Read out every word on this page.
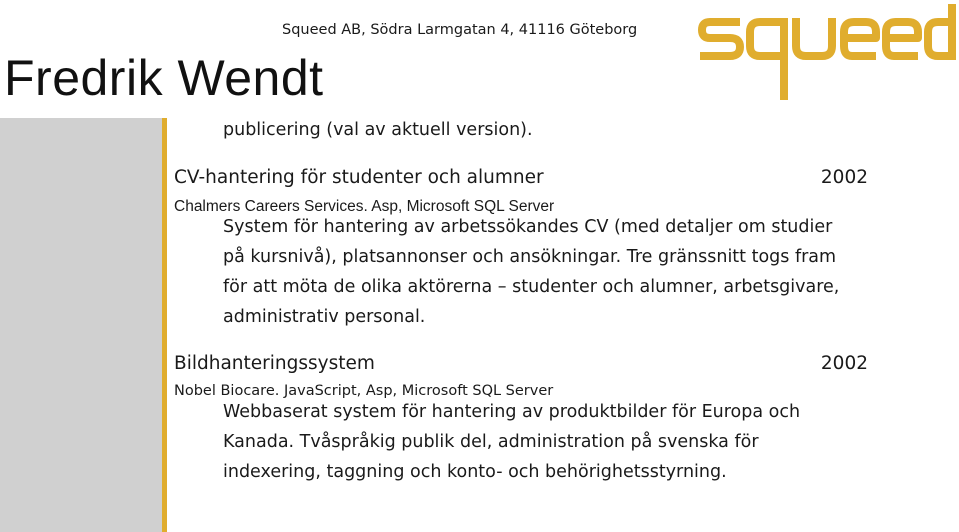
Squeed AB, Södra Larmgatan 4, 41116 Göteborg
Fredrik Wendt
publicering (val av aktuell version).
CV-hantering för studenter och alumner	2002
Chalmers Careers Services. Asp, Microsoft SQL Server
System för hantering av arbetssökandes CV (med detaljer om studier
på kursnivå), platsannonser och ansökningar. Tre gränssnitt togs fram
för att möta de olika aktörerna – studenter och alumner, arbetsgivare,
administrativ personal.
Bildhanteringssystem	2002
Nobel Biocare. JavaScript, Asp, Microsoft SQL Server
Webbaserat system för hantering av produktbilder för Europa och
Kanada. Tvåspråkig publik del, administration på svenska för
indexering, taggning och konto- och behörighetsstyrning.
